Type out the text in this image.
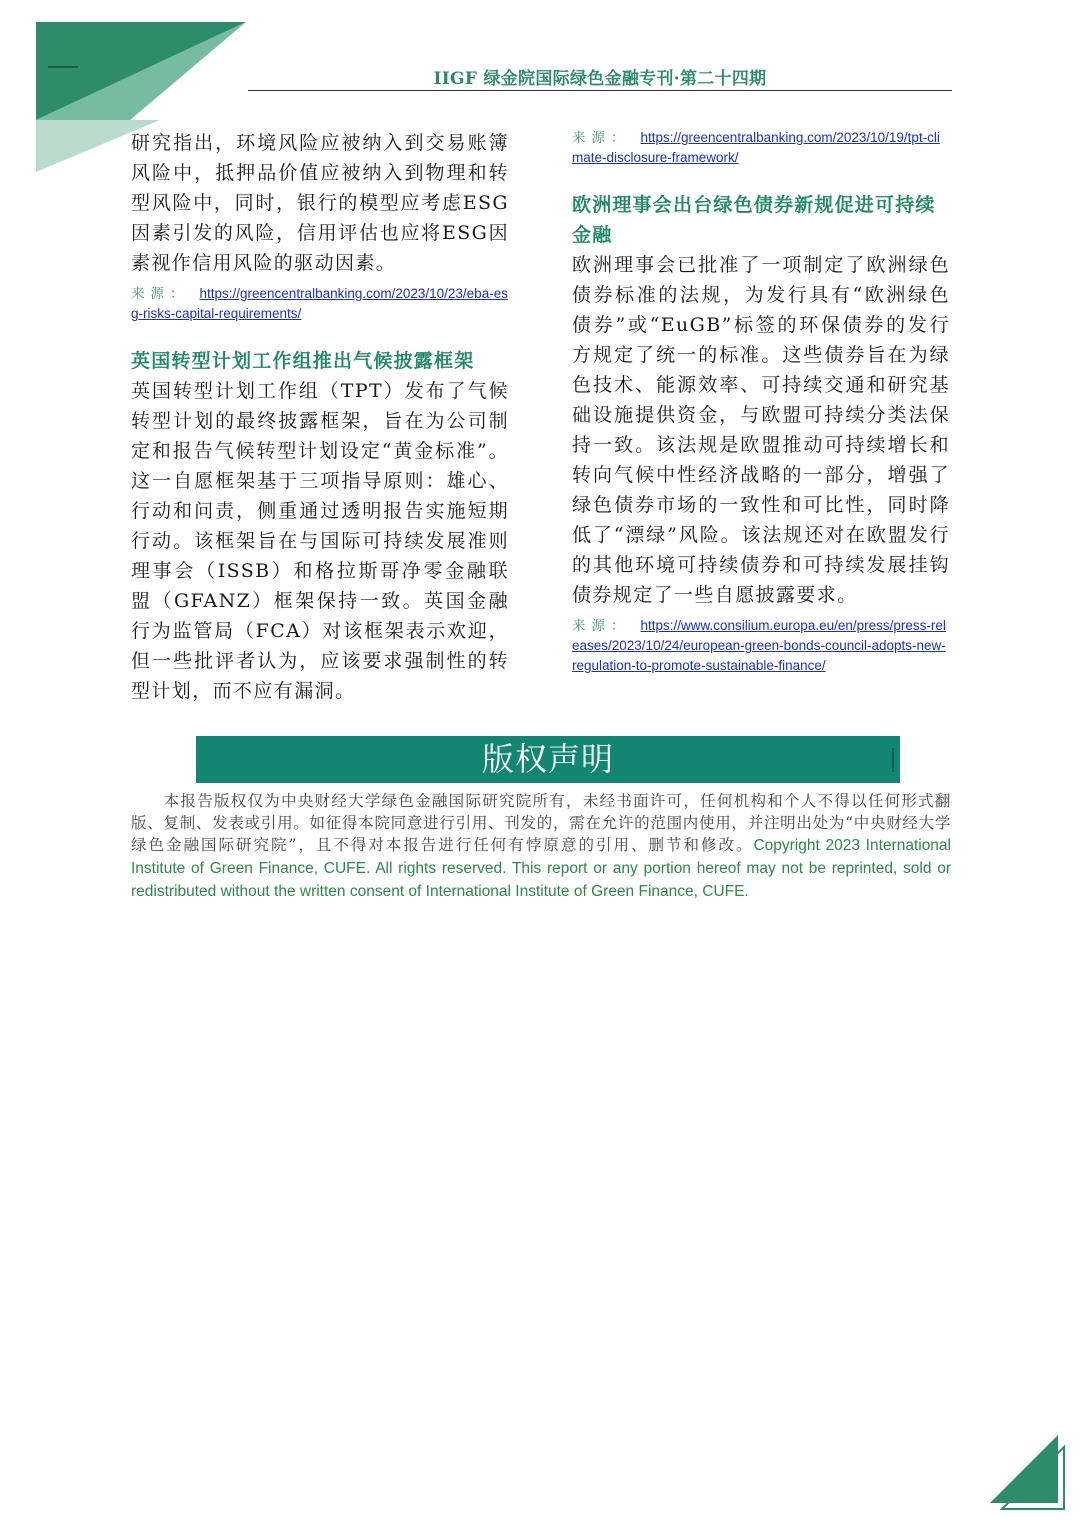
IIGF 绿金院国际绿色金融专刊·第二十四期

研究指出，环境风险应被纳入到交易账簿风险中，抵押品价值应被纳入到物理和转型风险中，同时，银行的模型应考虑ESG因素引发的风险，信用评估也应将ESG因素视作信用风险的驱动因素。

来源： https://greencentralbanking.com/2023/10/23/eba-esg-risks-capital-requirements/

英国转型计划工作组推出气候披露框架

英国转型计划工作组（TPT）发布了气候转型计划的最终披露框架，旨在为公司制定和报告气候转型计划设定“黄金标准”。这一自愿框架基于三项指导原则：雄心、行动和问责，侧重通过透明报告实施短期行动。该框架旨在与国际可持续发展准则理事会（ISSB）和格拉斯哥净零金融联盟（GFANZ）框架保持一致。英国金融行为监管局（FCA）对该框架表示欢迎，但一些批评者认为，应该要求强制性的转型计划，而不应有漏洞。

来源： https://greencentralbanking.com/2023/10/19/tpt-climate-disclosure-framework/

欧洲理事会出台绿色债券新规促进可持续金融

欧洲理事会已批准了一项制定了欧洲绿色债券标准的法规，为发行具有“欧洲绿色债券”或“EuGB”标签的环保债券的发行方规定了统一的标准。这些债券旨在为绿色技术、能源效率、可持续交通和研究基础设施提供资金，与欧盟可持续分类法保持一致。该法规是欧盟推动可持续增长和转向气候中性经济战略的一部分，增强了绿色债券市场的一致性和可比性，同时降低了“漂绿”风险。该法规还对在欧盟发行的其他环境可持续债券和可持续发展挂钩债券规定了一些自愿披露要求。

来源： https://www.consilium.europa.eu/en/press/press-releases/2023/10/24/european-green-bonds-council-adopts-new-regulation-to-promote-sustainable-finance/

版权声明

本报告版权仅为中央财经大学绿色金融国际研究院所有，未经书面许可，任何机构和个人不得以任何形式翻版、复制、发表或引用。如征得本院同意进行引用、刊发的，需在允许的范围内使用，并注明出处为“中央财经大学绿色金融国际研究院”，且不得对本报告进行任何有悖原意的引用、删节和修改。Copyright 2023 International Institute of Green Finance, CUFE. All rights reserved. This report or any portion hereof may not be reprinted, sold or redistributed without the written consent of International Institute of Green Finance, CUFE.
